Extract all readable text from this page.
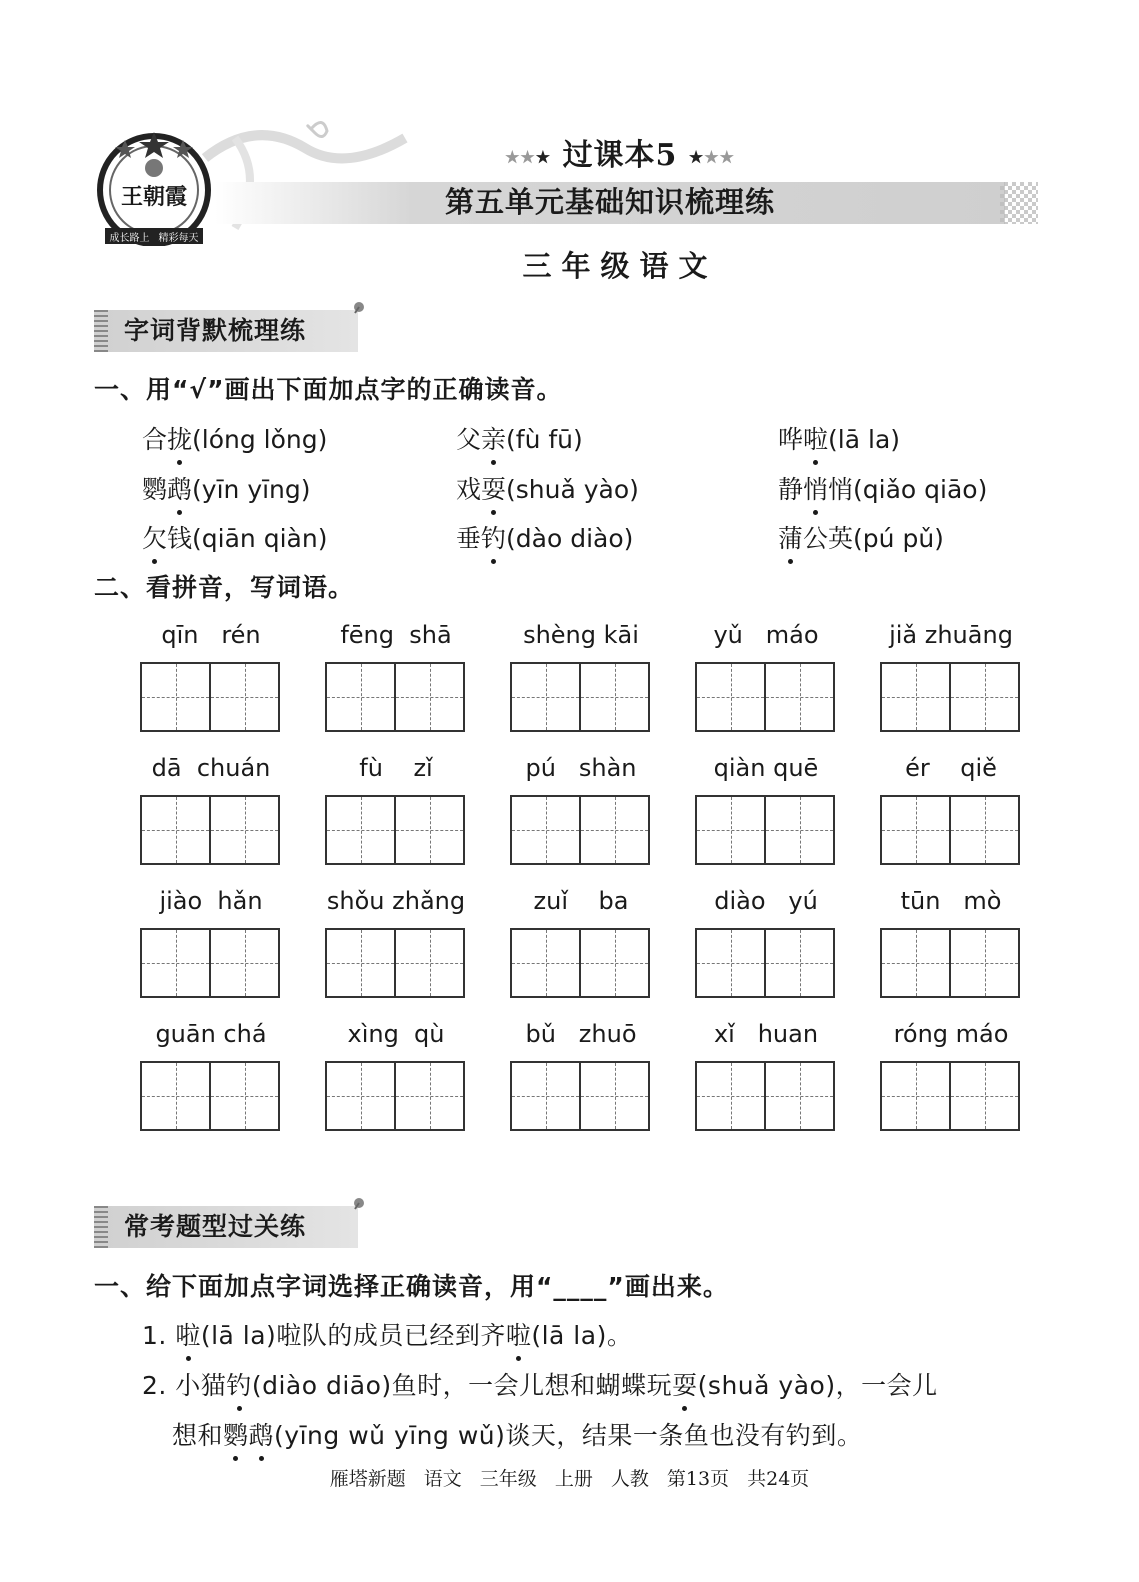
王朝霞
成长路上 精彩每天
★★★ 过课本5 ★★★
第五单元基础知识梳理练
三年级语文
字词背默梳理练
一、用“√”画出下面加点字的正确读音。
合拢(lóng lǒng)	父亲(fù fū)	哗啦(lā la)
鹦鹉(yīn yīng)	戏耍(shuǎ yào)	静悄悄(qiǎo qiāo)
欠钱(qiān qiàn)	垂钓(dào diào)	蒲公英(pú pǔ)
二、看拼音，写词语。
qīn   rén	fēng  shā	shèng kāi	yǔ   máo	jiǎ zhuāng
dā  chuán	fù    zǐ	pú   shàn	qiàn quē	ér    qiě
jiào  hǎn	shǒu zhǎng	zuǐ    ba	diào   yú	tūn   mò
guān chá	xìng  qù	bǔ   zhuō	xǐ   huan	róng máo
常考题型过关练
一、给下面加点字词选择正确读音，用“____”画出来。
1. 啦(lā la)啦队的成员已经到齐啦(lā la)。
2. 小猫钓(diào diāo)鱼时，一会儿想和蝴蝶玩耍(shuǎ yào)，一会儿
想和鹦鹉(yīng wǔ yīng wǔ)谈天，结果一条鱼也没有钓到。
雁塔新题 语文 三年级 上册 人教 第13页 共24页
